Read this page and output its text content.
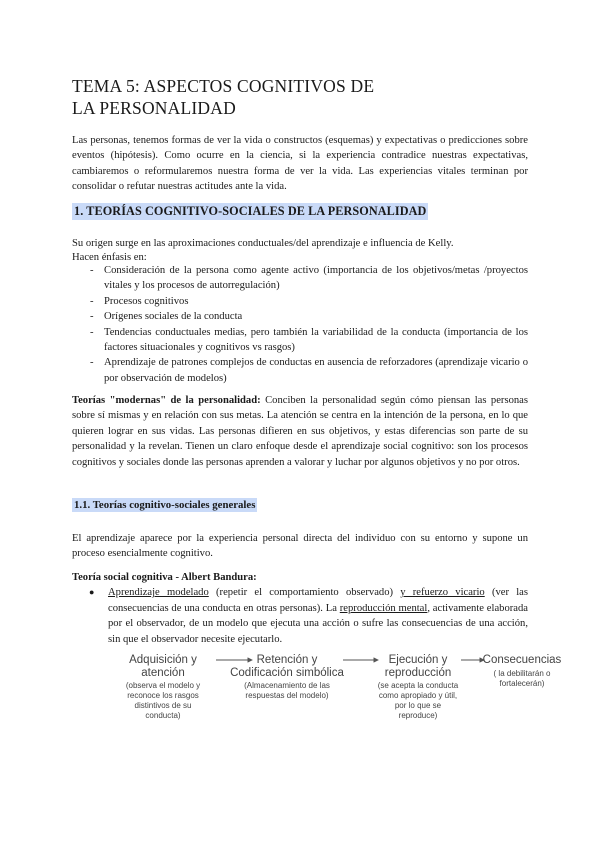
TEMA 5: ASPECTOS COGNITIVOS DE
LA PERSONALIDAD

Las personas, tenemos formas de ver la vida o constructos (esquemas) y expectativas o predicciones sobre eventos (hipótesis). Como ocurre en la ciencia, si la experiencia contradice nuestras expectativas, cambiaremos o reformularemos nuestra forma de ver la vida. Las experiencias vitales terminan por consolidar o refutar nuestras actitudes ante la vida.

1. TEORÍAS COGNITIVO-SOCIALES DE LA PERSONALIDAD

Su origen surge en las aproximaciones conductuales/del aprendizaje e influencia de Kelly.

Hacen énfasis en:

- Consideración de la persona como agente activo (importancia de los objetivos/metas /proyectos vitales y los procesos de autorregulación)
- Procesos cognitivos
- Orígenes sociales de la conducta
- Tendencias conductuales medias, pero también la variabilidad de la conducta (importancia de los factores situacionales y cognitivos vs rasgos)
- Aprendizaje de patrones complejos de conductas en ausencia de reforzadores (aprendizaje vicario o por observación de modelos)

Teorías "modernas" de la personalidad: Conciben la personalidad según cómo piensan las personas sobre sí mismas y en relación con sus metas. La atención se centra en la intención de la persona, en lo que quieren lograr en sus vidas. Las personas difieren en sus objetivos, y estas diferencias son parte de su personalidad y la revelan. Tienen un claro enfoque desde el aprendizaje social cognitivo: son los procesos cognitivos y sociales donde las personas aprenden a valorar y luchar por algunos objetivos y no por otros.

1.1. Teorías cognitivo-sociales generales

El aprendizaje aparece por la experiencia personal directa del individuo con su entorno y supone un proceso esencialmente cognitivo.

Teoría social cognitiva - Albert Bandura:

● Aprendizaje modelado (repetir el comportamiento observado) y refuerzo vicario (ver las consecuencias de una conducta en otras personas). La reproducción mental, activamente elaborada por el observador, de un modelo que ejecuta una acción o sufre las consecuencias de una acción, sin que el observador necesite ejecutarlo.

Adquisición y
atención
(observa el modelo y
reconoce los rasgos
distintivos de su
conducta)
Retención y
Codificación simbólica
(Almacenamiento de las
respuestas del modelo)
Ejecución y
reproducción
(se acepta la conducta
como apropiado y útil,
por lo que se
reproduce)
Consecuencias
( la debilitarán o
fortalecerán)
